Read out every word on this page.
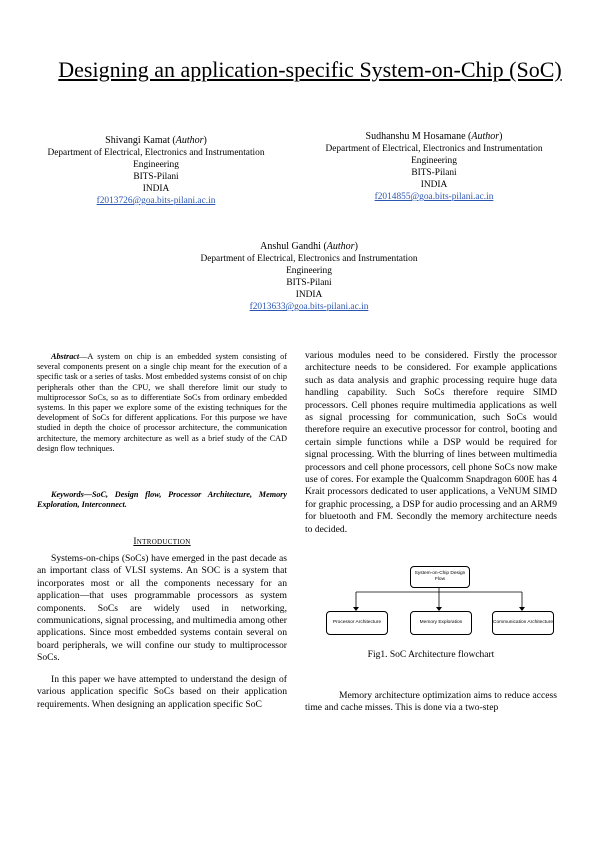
Designing an application-specific System-on-Chip (SoC)
Shivangi Kamat (Author)
Department of Electrical, Electronics and Instrumentation
Engineering
BITS-Pilani
INDIA
f2013726@goa.bits-pilani.ac.in
Sudhanshu M Hosamane (Author)
Department of Electrical, Electronics and Instrumentation
Engineering
BITS-Pilani
INDIA
f2014855@goa.bits-pilani.ac.in
Anshul Gandhi (Author)
Department of Electrical, Electronics and Instrumentation
Engineering
BITS-Pilani
INDIA
f2013633@goa.bits-pilani.ac.in
Abstract—A system on chip is an embedded system consisting of several components present on a single chip meant for the execution of a specific task or a series of tasks. Most embedded systems consist of on chip peripherals other than the CPU, we shall therefore limit our study to multiprocessor SoCs, so as to differentiate SoCs from ordinary embedded systems. In this paper we explore some of the existing techniques for the development of SoCs for different applications. For this purpose we have studied in depth the choice of processor architecture, the communication architecture, the memory architecture as well as a brief study of the CAD design flow techniques.
Keywords—SoC, Design flow, Processor Architecture, Memory Exploration, Interconnect.
Introduction
Systems-on-chips (SoCs) have emerged in the past decade as an important class of VLSI systems. An SOC is a system that incorporates most or all the components necessary for an application—that uses programmable processors as system components. SoCs are widely used in networking, communications, signal processing, and multimedia among other applications. Since most embedded systems contain several on board peripherals, we will confine our study to multiprocessor SoCs.
In this paper we have attempted to understand the design of various application specific SoCs based on their application requirements. When designing an application specific SoC
various modules need to be considered. Firstly the processor architecture needs to be considered. For example applications such as data analysis and graphic processing require huge data handling capability. Such SoCs therefore require SIMD processors. Cell phones require multimedia applications as well as signal processing for communication, such SoCs would therefore require an executive processor for control, booting and certain simple functions while a DSP would be required for signal processing. With the blurring of lines between multimedia processors and cell phone processors, cell phone SoCs now make use of cores. For example the Qualcomm Snapdragon 600E has 4 Krait processors dedicated to user applications, a VeNUM SIMD for graphic processing, a DSP for audio processing and an ARM9 for bluetooth and FM. Secondly the memory architecture needs to decided.
System-on-Chip Design Flow
Processor Architecture	Memory Exploration	Communication Architecture
Fig1. SoC Architecture flowchart
Memory architecture optimization aims to reduce access time and cache misses. This is done via a two-step
